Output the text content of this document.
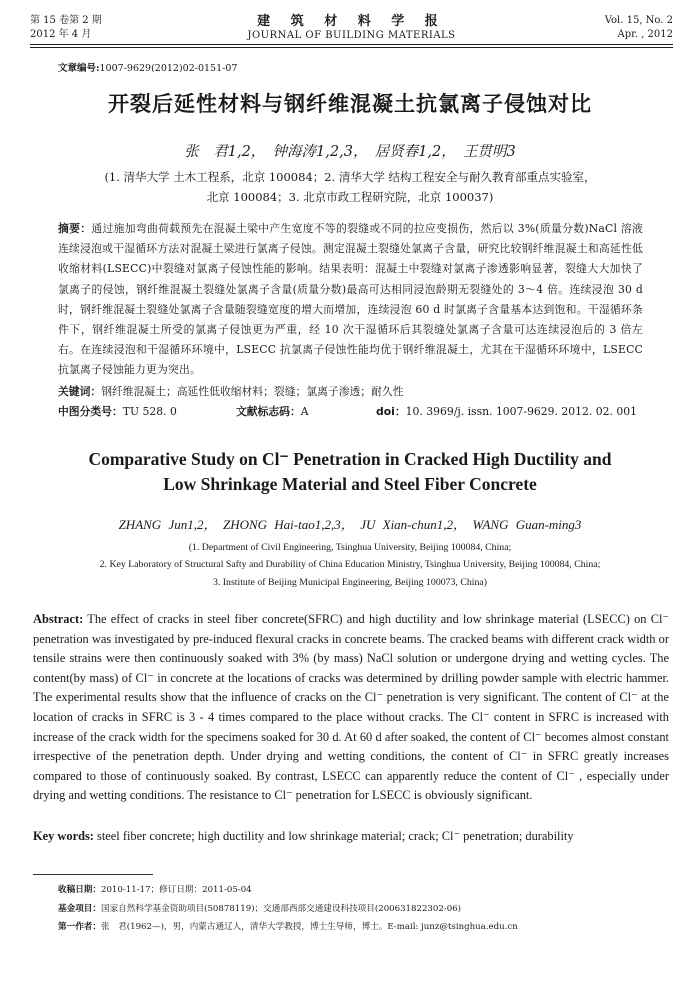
第 15 卷第 2 期
2012 年 4 月
建 筑 材 料 学 报
JOURNAL OF BUILDING MATERIALS
Vol. 15, No. 2
Apr. , 2012
文章编号:1007-9629(2012)02-0151-07
开裂后延性材料与钢纤维混凝土抗氯离子侵蚀对比
张　君1,2，　钟海涛1,2,3，　居贤春1,2，　王贯明3
(1. 清华大学 土木工程系，北京 100084；2. 清华大学 结构工程安全与耐久教育部重点实验室，
北京 100084；3. 北京市政工程研究院，北京 100037)
摘要：通过施加弯曲荷载预先在混凝土梁中产生宽度不等的裂缝或不同的拉应变损伤，然后以 3%(质量分数)NaCl 溶液连续浸泡或干湿循环方法对混凝土梁进行氯离子侵蚀。测定混凝土裂缝处氯离子含量，研究比较钢纤维混凝土和高延性低收缩材料(LSECC)中裂缝对氯离子侵蚀性能的影响。结果表明：混凝土中裂缝对氯离子渗透影响显著，裂缝大大加快了氯离子的侵蚀，钢纤维混凝土裂缝处氯离子含量(质量分数)最高可达相同浸泡龄期无裂缝处的 3～4 倍。连续浸泡 30 d 时，钢纤维混凝土裂缝处氯离子含量随裂缝宽度的增大而增加，连续浸泡 60 d 时氯离子含量基本达到饱和。干湿循环条件下，钢纤维混凝土所受的氯离子侵蚀更为严重，经 10 次干湿循环后其裂缝处氯离子含量可达连续浸泡后的 3 倍左右。在连续浸泡和干湿循环环境中，LSECC 抗氯离子侵蚀性能均优于钢纤维混凝土，尤其在干湿循环环境中，LSECC 抗氯离子侵蚀能力更为突出。
关键词：钢纤维混凝土；高延性低收缩材料；裂缝；氯离子渗透；耐久性
中图分类号：TU 528. 0	文献标志码：A	doi：10. 3969/j. issn. 1007-9629. 2012. 02. 001
Comparative Study on Cl⁻ Penetration in Cracked High Ductility and
Low Shrinkage Material and Steel Fiber Concrete
ZHANG Jun1,2，　ZHONG Hai-tao1,2,3，　JU Xian-chun1,2，　WANG Guan-ming3
(1. Department of Civil Engineering, Tsinghua University, Beijing 100084, China;
2. Key Laboratory of Structural Safty and Durability of China Education Ministry, Tsinghua University, Beijing 100084, China;
3. Institute of Beijing Municipal Engineering, Beijing 100073, China)
Abstract: The effect of cracks in steel fiber concrete(SFRC) and high ductility and low shrinkage material (LSECC) on Cl⁻ penetration was investigated by pre-induced flexural cracks in concrete beams. The cracked beams with different crack width or tensile strains were then continuously soaked with 3% (by mass) NaCl solution or undergone drying and wetting cycles. The content(by mass) of Cl⁻ in concrete at the locations of cracks was determined by drilling powder sample with electric hammer. The experimental results show that the influence of cracks on the Cl⁻ penetration is very significant. The content of Cl⁻ at the location of cracks in SFRC is 3 - 4 times compared to the place without cracks. The Cl⁻ content in SFRC is increased with increase of the crack width for the specimens soaked for 30 d. At 60 d after soaked, the content of Cl⁻ becomes almost constant irrespective of the penetration depth. Under drying and wetting conditions, the content of Cl⁻ in SFRC greatly increases compared to those of continuously soaked. By contrast, LSECC can apparently reduce the content of Cl⁻ , especially under drying and wetting conditions. The resistance to Cl⁻ penetration for LSECC is obviously significant.
Key words: steel fiber concrete; high ductility and low shrinkage material; crack; Cl⁻ penetration; durability
收稿日期：2010-11-17；修订日期：2011-05-04
基金项目：国家自然科学基金资助项目(50878119)；交通部西部交通建设科技项目(200631822302-06)
第一作者：张　君(1962—)，男，内蒙古通辽人，清华大学教授，博士生导师，博士。E-mail: junz@tsinghua.edu.cn
